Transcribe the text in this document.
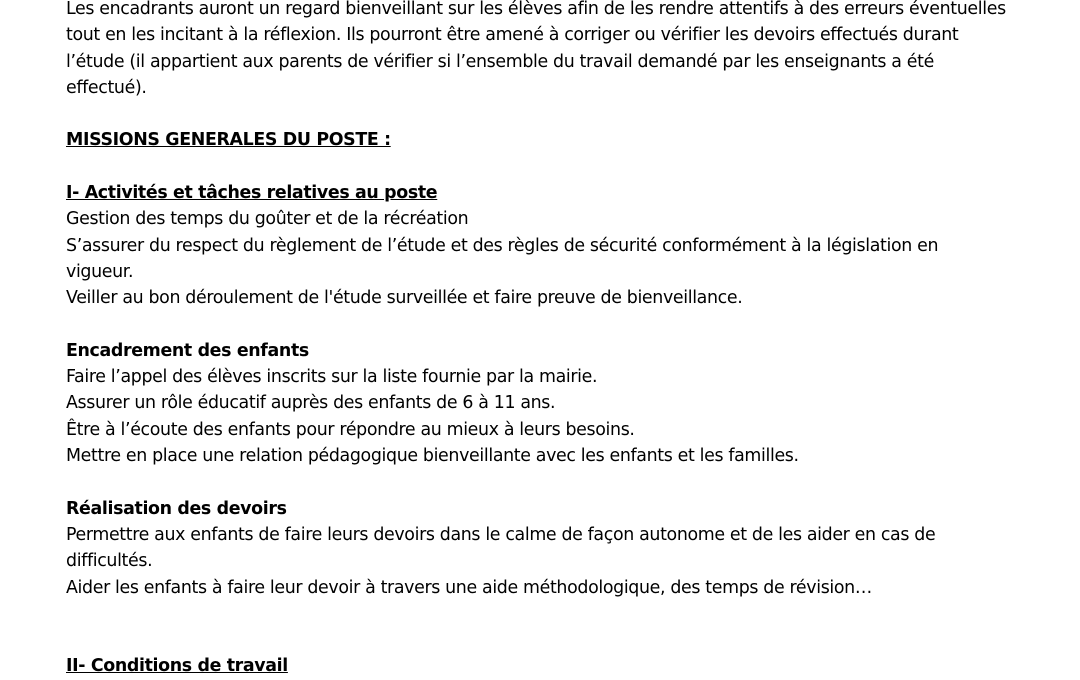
Les encadrants auront un regard bienveillant sur les élèves afin de les rendre attentifs à des erreurs éventuelles
tout en les incitant à la réflexion. Ils pourront être amené à corriger ou vérifier les devoirs effectués durant
l’étude (il appartient aux parents de vérifier si l’ensemble du travail demandé par les enseignants a été
effectué).
MISSIONS GENERALES DU POSTE :
I- Activités et tâches relatives au poste
Gestion des temps du goûter et de la récréation
S’assurer du respect du règlement de l’étude et des règles de sécurité conformément à la législation en
vigueur.
Veiller au bon déroulement de l'étude surveillée et faire preuve de bienveillance.
Encadrement des enfants
Faire l’appel des élèves inscrits sur la liste fournie par la mairie.
Assurer un rôle éducatif auprès des enfants de 6 à 11 ans.
Être à l’écoute des enfants pour répondre au mieux à leurs besoins.
Mettre en place une relation pédagogique bienveillante avec les enfants et les familles.
Réalisation des devoirs
Permettre aux enfants de faire leurs devoirs dans le calme de façon autonome et de les aider en cas de
difficultés.
Aider les enfants à faire leur devoir à travers une aide méthodologique, des temps de révision…
II- Conditions de travail
